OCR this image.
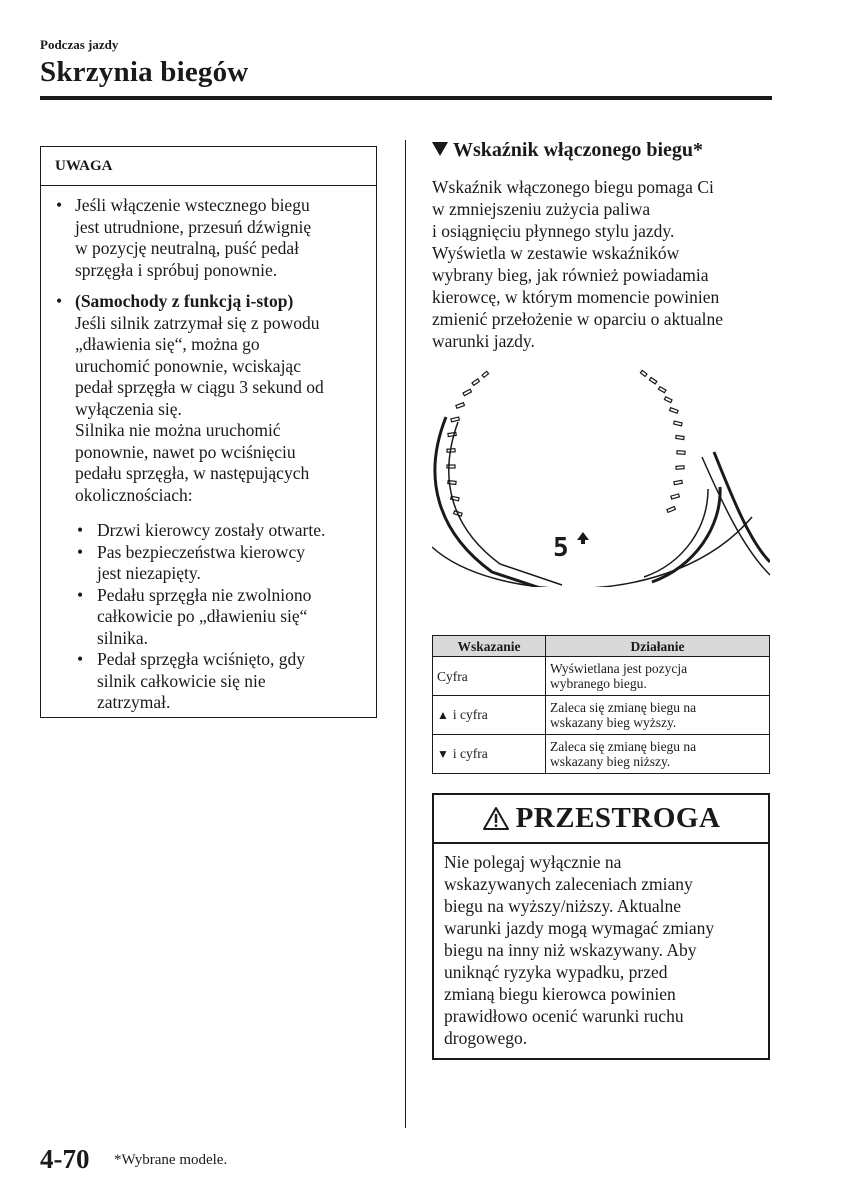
Podczas jazdy
Skrzynia biegów
UWAGA
• Jeśli włączenie wstecznego biegu
jest utrudnione, przesuń dźwignię
w pozycję neutralną, puść pedał
sprzęgła i spróbuj ponownie.
• (Samochody z funkcją i-stop)
Jeśli silnik zatrzymał się z powodu
„dławienia się“, można go
uruchomić ponownie, wciskając
pedał sprzęgła w ciągu 3 sekund od
wyłączenia się.
Silnika nie można uruchomić
ponownie, nawet po wciśnięciu
pedału sprzęgła, w następujących
okolicznościach:
• Drzwi kierowcy zostały otwarte.
• Pas bezpieczeństwa kierowcy
jest niezapięty.
• Pedału sprzęgła nie zwolniono
całkowicie po „dławieniu się“
silnika.
• Pedał sprzęgła wciśnięto, gdy
silnik całkowicie się nie
zatrzymał.
Wskaźnik włączonego biegu*
Wskaźnik włączonego biegu pomaga Ci
w zmniejszeniu zużycia paliwa
i osiągnięciu płynnego stylu jazdy.
Wyświetla w zestawie wskaźników
wybrany bieg, jak również powiadamia
kierowcę, w którym momencie powinien
zmienić przełożenie w oparciu o aktualne
warunki jazdy.
5
Wskazanie	Działanie
Cyfra	Wyświetlana jest pozycja
wybranego biegu.

▲ i cyfra	Zaleca się zmianę biegu na
wskazany bieg wyższy.

▼ i cyfra	Zaleca się zmianę biegu na
wskazany bieg niższy.
PRZESTROGA
Nie polegaj wyłącznie na
wskazywanych zaleceniach zmiany
biegu na wyższy/niższy. Aktualne
warunki jazdy mogą wymagać zmiany
biegu na inny niż wskazywany. Aby
uniknąć ryzyka wypadku, przed
zmianą biegu kierowca powinien
prawidłowo ocenić warunki ruchu
drogowego.
4-70 *Wybrane modele.
